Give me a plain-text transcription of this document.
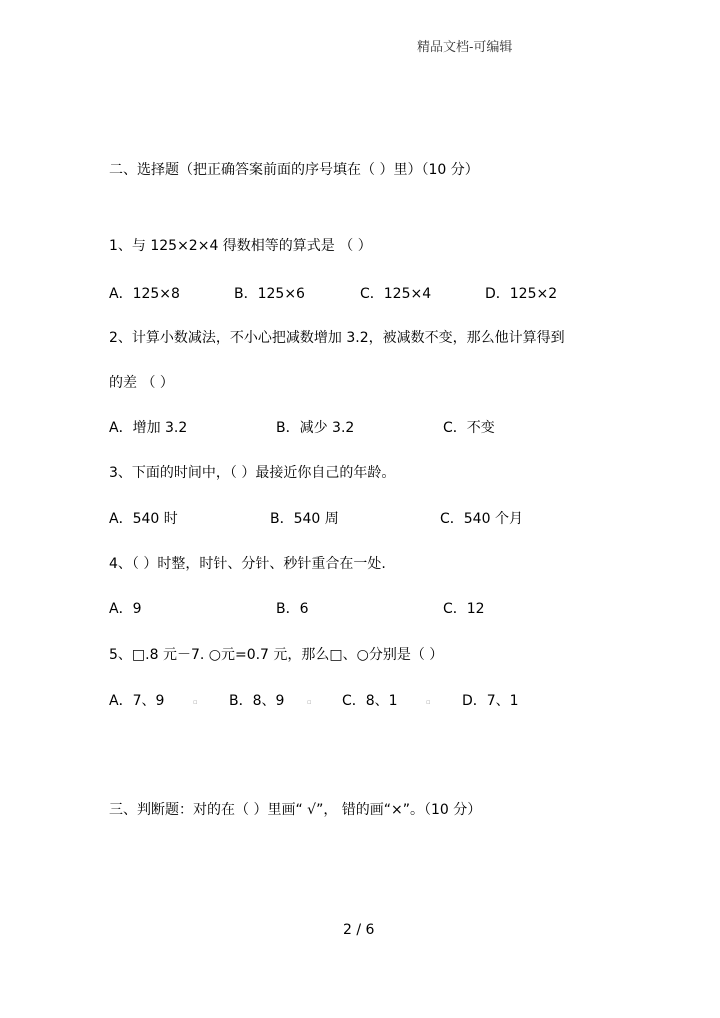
精品文档-可编辑
二、选择题（把正确答案前面的序号填在（ ）里）（10 分）
1、与 125×2×4 得数相等的算式是 （ ）
A．125×8	B．125×6	C．125×4	D．125×2
2、计算小数减法，不小心把减数增加 3.2，被减数不变，那么他计算得到
的差 （ ）
A．增加 3.2	B．减少 3.2	C．不变
3、下面的时间中，（ ）最接近你自己的年龄。
A．540 时	B．540 周	C．540 个月
4、（ ）时整，时针、分针、秒针重合在一处.
A．9	B．6	C．12
5、□.8 元－7. ○元=0.7 元，那么□、○分别是（ ）
A．7、9	▫ B．8、9	▫ C．8、1	▫ D．7、1
三、判断题：对的在（ ）里画“ √”， 错的画“×”。（10 分）
2 / 6
